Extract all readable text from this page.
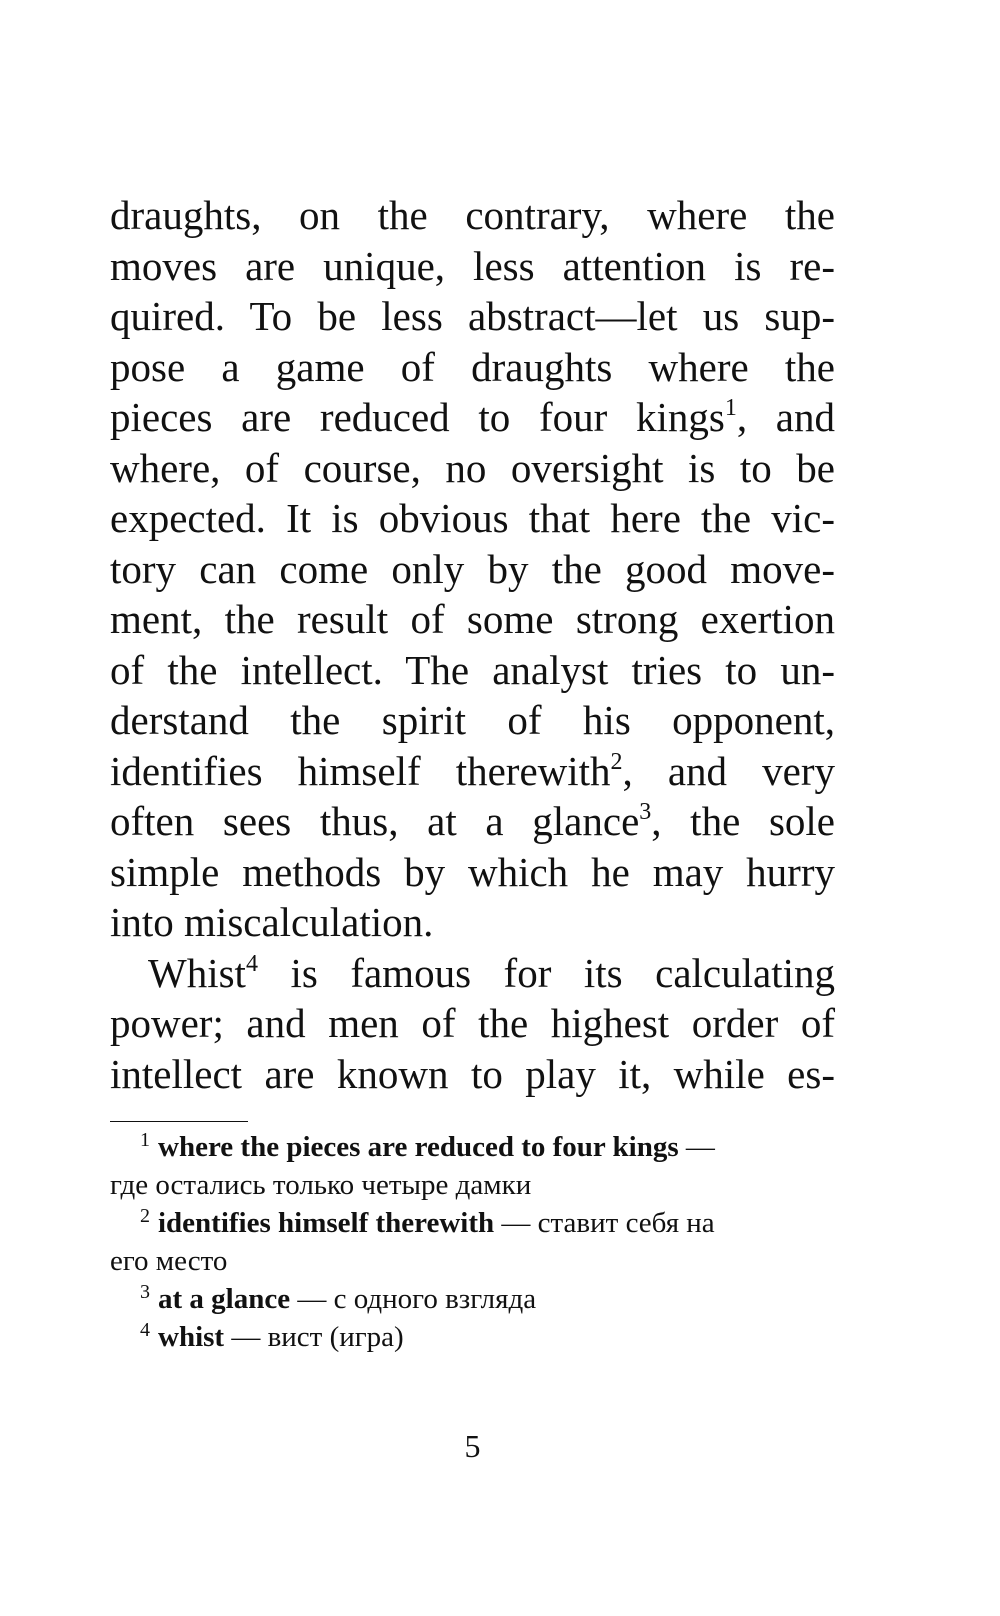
draughts, on the contrary, where the
moves are unique, less attention is re-
quired. To be less abstract—let us sup-
pose a game of draughts where the
pieces are reduced to four kings$^1$, and
where, of course, no oversight is to be
expected. It is obvious that here the vic-
tory can come only by the good move-
ment, the result of some strong exertion
of the intellect. The analyst tries to un-
derstand the spirit of his opponent,
identifies himself therewith$^2$, and very
often sees thus, at a glance$^3$, the sole
simple methods by which he may hurry
into miscalculation.
Whist$^4$ is famous for its calculating
power; and men of the highest order of
intellect are known to play it, while es-
$^1$ where the pieces are reduced to four kings —
где остались только четыре дамки
$^2$ identifies himself therewith — ставит себя на
его место
$^3$ at a glance — с одного взгляда
$^4$ whist — вист (игра)
5
